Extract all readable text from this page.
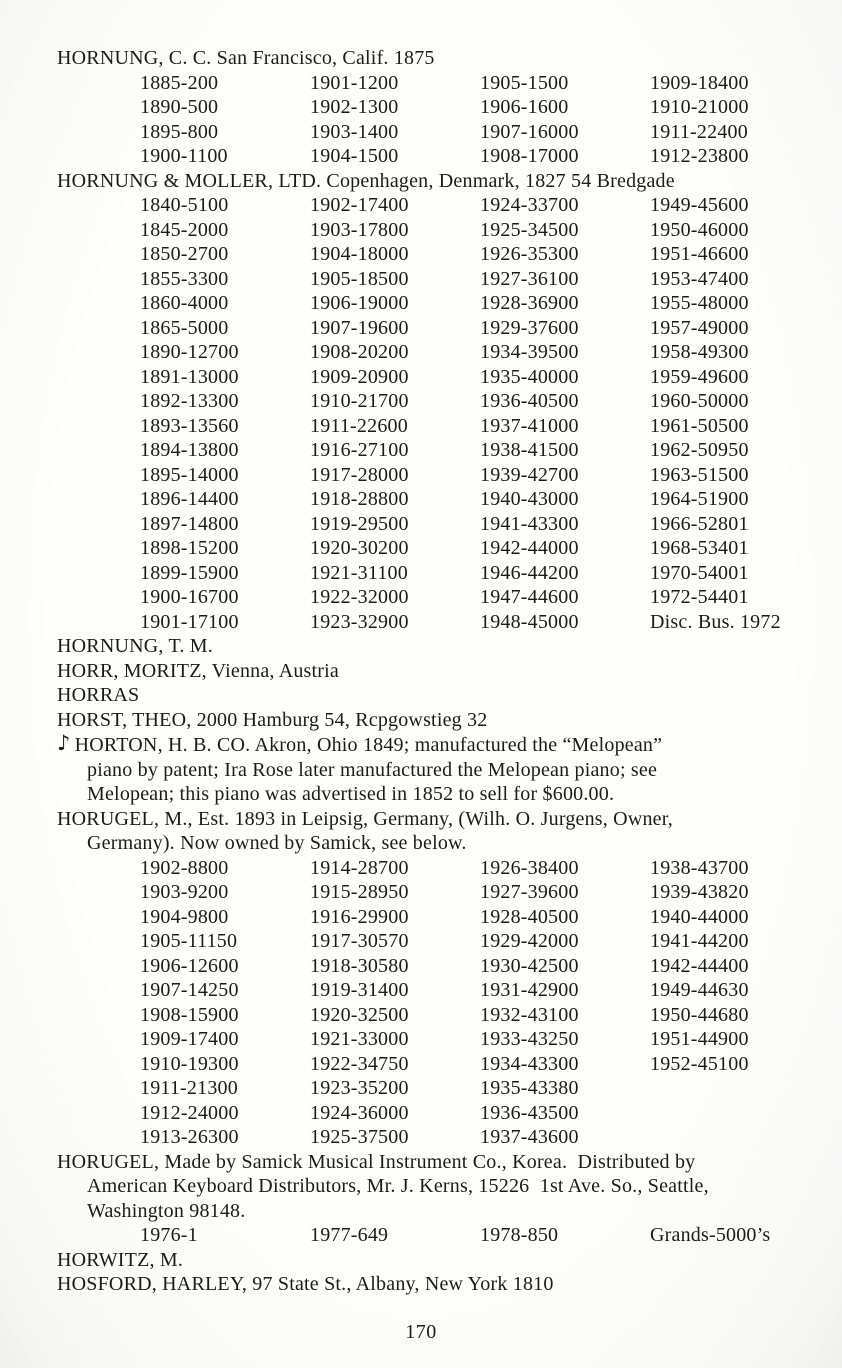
HORNUNG, C. C. San Francisco, Calif. 1875
1885-200	1901-1200	1905-1500	1909-18400
1890-500	1902-1300	1906-1600	1910-21000
1895-800	1903-1400	1907-16000	1911-22400
1900-1100	1904-1500	1908-17000	1912-23800
HORNUNG & MOLLER, LTD. Copenhagen, Denmark, 1827 54 Bredgade
1840-5100	1902-17400	1924-33700	1949-45600
1845-2000	1903-17800	1925-34500	1950-46000
1850-2700	1904-18000	1926-35300	1951-46600
1855-3300	1905-18500	1927-36100	1953-47400
1860-4000	1906-19000	1928-36900	1955-48000
1865-5000	1907-19600	1929-37600	1957-49000
1890-12700	1908-20200	1934-39500	1958-49300
1891-13000	1909-20900	1935-40000	1959-49600
1892-13300	1910-21700	1936-40500	1960-50000
1893-13560	1911-22600	1937-41000	1961-50500
1894-13800	1916-27100	1938-41500	1962-50950
1895-14000	1917-28000	1939-42700	1963-51500
1896-14400	1918-28800	1940-43000	1964-51900
1897-14800	1919-29500	1941-43300	1966-52801
1898-15200	1920-30200	1942-44000	1968-53401
1899-15900	1921-31100	1946-44200	1970-54001
1900-16700	1922-32000	1947-44600	1972-54401
1901-17100	1923-32900	1948-45000	Disc. Bus. 1972
HORNUNG, T. M.
HORR, MORITZ, Vienna, Austria
HORRAS
HORST, THEO, 2000 Hamburg 54, Rcpgowstieg 32
♪ HORTON, H. B. CO. Akron, Ohio 1849; manufactured the “Melopean”
piano by patent; Ira Rose later manufactured the Melopean piano; see
Melopean; this piano was advertised in 1852 to sell for $600.00.
HORUGEL, M., Est. 1893 in Leipsig, Germany, (Wilh. O. Jurgens, Owner,
Germany). Now owned by Samick, see below.
1902-8800	1914-28700	1926-38400	1938-43700
1903-9200	1915-28950	1927-39600	1939-43820
1904-9800	1916-29900	1928-40500	1940-44000
1905-11150	1917-30570	1929-42000	1941-44200
1906-12600	1918-30580	1930-42500	1942-44400
1907-14250	1919-31400	1931-42900	1949-44630
1908-15900	1920-32500	1932-43100	1950-44680
1909-17400	1921-33000	1933-43250	1951-44900
1910-19300	1922-34750	1934-43300	1952-45100
1911-21300	1923-35200	1935-43380
1912-24000	1924-36000	1936-43500
1913-26300	1925-37500	1937-43600
HORUGEL, Made by Samick Musical Instrument Co., Korea.  Distributed by
American Keyboard Distributors, Mr. J. Kerns, 15226  1st Ave. So., Seattle,
Washington 98148.
1976-1	1977-649	1978-850	Grands-5000’s
HORWITZ, M.
HOSFORD, HARLEY, 97 State St., Albany, New York 1810
170
